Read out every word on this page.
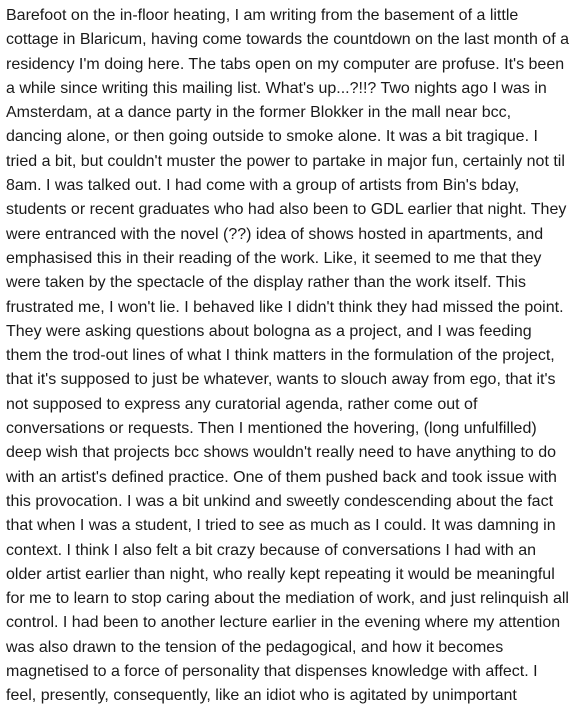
Barefoot on the in-floor heating, I am writing from the basement of a little
cottage in Blaricum, having come towards the countdown on the last month of a
residency I'm doing here. The tabs open on my computer are profuse. It's been
a while since writing this mailing list. What's up...?!!? Two nights ago I was in
Amsterdam, at a dance party in the former Blokker in the mall near bcc,
dancing alone, or then going outside to smoke alone. It was a bit tragique. I
tried a bit, but couldn't muster the power to partake in major fun, certainly not til
8am. I was talked out. I had come with a group of artists from Bin's bday,
students or recent graduates who had also been to GDL earlier that night. They
were entranced with the novel (??) idea of shows hosted in apartments, and
emphasised this in their reading of the work. Like, it seemed to me that they
were taken by the spectacle of the display rather than the work itself. This
frustrated me, I won't lie. I behaved like I didn't think they had missed the point.
They were asking questions about bologna as a project, and I was feeding
them the trod-out lines of what I think matters in the formulation of the project,
that it's supposed to just be whatever, wants to slouch away from ego, that it's
not supposed to express any curatorial agenda, rather come out of
conversations or requests. Then I mentioned the hovering, (long unfulfilled)
deep wish that projects bcc shows wouldn't really need to have anything to do
with an artist's defined practice. One of them pushed back and took issue with
this provocation. I was a bit unkind and sweetly condescending about the fact
that when I was a student, I tried to see as much as I could. It was damning in
context. I think I also felt a bit crazy because of conversations I had with an
older artist earlier than night, who really kept repeating it would be meaningful
for me to learn to stop caring about the mediation of work, and just relinquish all
control. I had been to another lecture earlier in the evening where my attention
was also drawn to the tension of the pedagogical, and how it becomes
magnetised to a force of personality that dispenses knowledge with affect. I
feel, presently, consequently, like an idiot who is agitated by unimportant
